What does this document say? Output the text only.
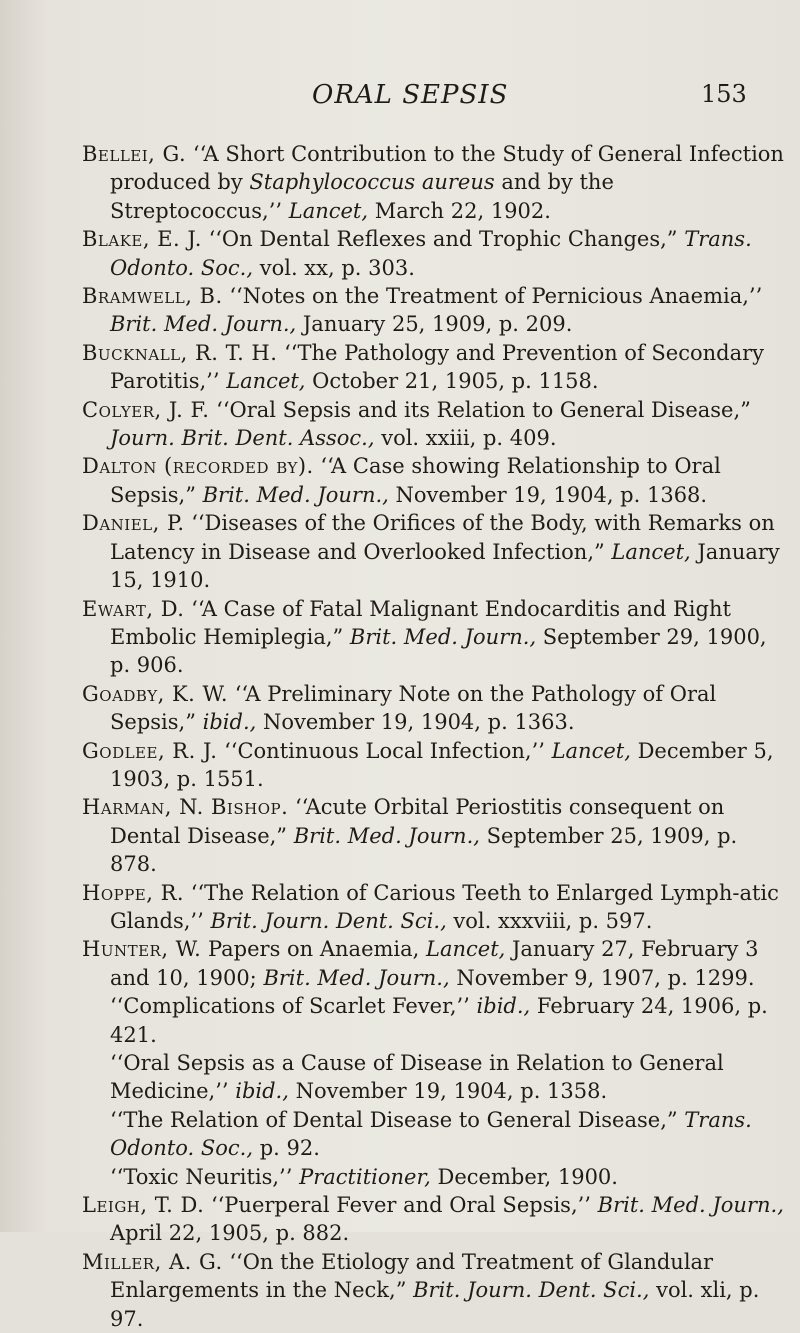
ORAL SEPSIS	153

Bellei, G. ‘‘A Short Contribution to the Study of General Infection produced by Staphylococcus aureus and by the Streptococcus,’’ Lancet, March 22, 1902.

Blake, E. J. ‘‘On Dental Reflexes and Trophic Changes,” Trans. Odonto. Soc., vol. xx, p. 303.

Bramwell, B. ‘‘Notes on the Treatment of Pernicious Anaemia,’’ Brit. Med. Journ., January 25, 1909, p. 209.

Bucknall, R. T. H. ‘‘The Pathology and Prevention of Secondary Parotitis,’’ Lancet, October 21, 1905, p. 1158.

Colyer, J. F. ‘‘Oral Sepsis and its Relation to General Disease,” Journ. Brit. Dent. Assoc., vol. xxiii, p. 409.

Dalton (recorded by). ‘‘A Case showing Relationship to Oral Sepsis,” Brit. Med. Journ., November 19, 1904, p. 1368.

Daniel, P. ‘‘Diseases of the Orifices of the Body, with Remarks on Latency in Disease and Overlooked Infection,” Lancet, January 15, 1910.

Ewart, D. ‘‘A Case of Fatal Malignant Endocarditis and Right Embolic Hemiplegia,” Brit. Med. Journ., September 29, 1900, p. 906.

Goadby, K. W. ‘‘A Preliminary Note on the Pathology of Oral Sepsis,” ibid., November 19, 1904, p. 1363.

Godlee, R. J. ‘‘Continuous Local Infection,’’ Lancet, December 5, 1903, p. 1551.

Harman, N. Bishop. ‘‘Acute Orbital Periostitis consequent on Dental Disease,” Brit. Med. Journ., September 25, 1909, p. 878.

Hoppe, R. ‘‘The Relation of Carious Teeth to Enlarged Lymph-atic Glands,’’ Brit. Journ. Dent. Sci., vol. xxxviii, p. 597.

Hunter, W. Papers on Anaemia, Lancet, January 27, February 3 and 10, 1900; Brit. Med. Journ., November 9, 1907, p. 1299.

‘‘Complications of Scarlet Fever,’’ ibid., February 24, 1906, p. 421.

‘‘Oral Sepsis as a Cause of Disease in Relation to General Medicine,’’ ibid., November 19, 1904, p. 1358.

‘‘The Relation of Dental Disease to General Disease,” Trans. Odonto. Soc., p. 92.

‘‘Toxic Neuritis,’’ Practitioner, December, 1900.

Leigh, T. D. ‘‘Puerperal Fever and Oral Sepsis,’’ Brit. Med. Journ., April 22, 1905, p. 882.

Miller, A. G. ‘‘On the Etiology and Treatment of Glandular Enlargements in the Neck,” Brit. Journ. Dent. Sci., vol. xli, p. 97.
